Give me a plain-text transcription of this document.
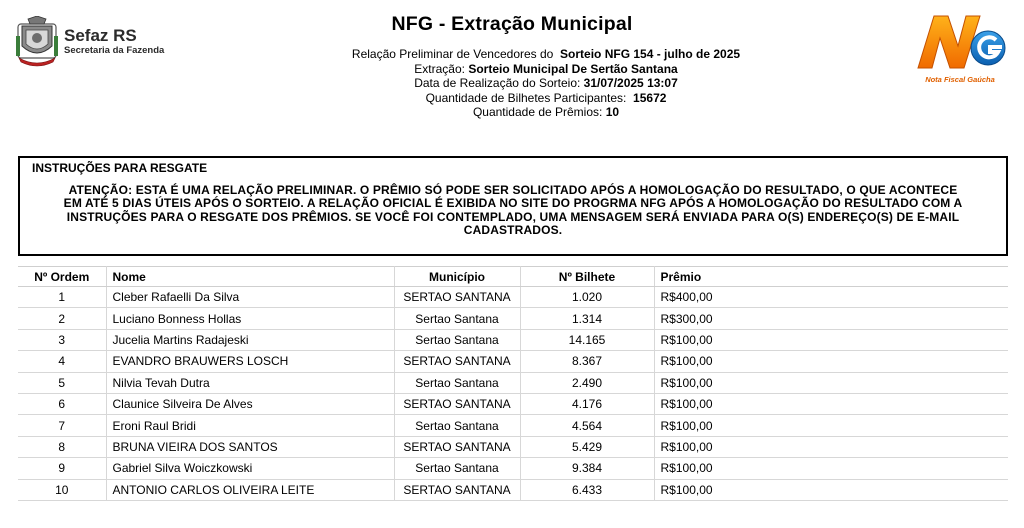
Sefaz RS
Secretaria da Fazenda
Nota Fiscal Gaúcha
NFG - Extração Municipal
Relação Preliminar de Vencedores do Sorteio NFG 154 - julho de 2025
Extração: Sorteio Municipal De Sertão Santana
Data de Realização do Sorteio: 31/07/2025 13:07
Quantidade de Bilhetes Participantes: 15672
Quantidade de Prêmios: 10
INSTRUÇÕES PARA RESGATE
ATENÇÃO: ESTA É UMA RELAÇÃO PRELIMINAR. O PRÊMIO SÓ PODE SER SOLICITADO APÓS A HOMOLOGAÇÃO DO RESULTADO, O QUE ACONTECE
EM ATÉ 5 DIAS ÚTEIS APÓS O SORTEIO. A RELAÇÃO OFICIAL É EXIBIDA NO SITE DO PROGRMA NFG APÓS A HOMOLOGAÇÃO DO RESULTADO COM A
INSTRUÇÕES PARA O RESGATE DOS PRÊMIOS. SE VOCÊ FOI CONTEMPLADO, UMA MENSAGEM SERÁ ENVIADA PARA O(S) ENDEREÇO(S) DE E-MAIL
CADASTRADOS.
Nº Ordem	Nome	Município	Nº Bilhete	Prêmio
1	Cleber Rafaelli Da Silva	SERTAO SANTANA	1.020	R$400,00
2	Luciano Bonness Hollas	Sertao Santana	1.314	R$300,00
3	Jucelia Martins Radajeski	Sertao Santana	14.165	R$100,00
4	EVANDRO BRAUWERS LOSCH	SERTAO SANTANA	8.367	R$100,00
5	Nilvia Tevah Dutra	Sertao Santana	2.490	R$100,00
6	Claunice Silveira De Alves	SERTAO SANTANA	4.176	R$100,00
7	Eroni Raul Bridi	Sertao Santana	4.564	R$100,00
8	BRUNA VIEIRA DOS SANTOS	SERTAO SANTANA	5.429	R$100,00
9	Gabriel Silva Woiczkowski	Sertao Santana	9.384	R$100,00
10	ANTONIO CARLOS OLIVEIRA LEITE	SERTAO SANTANA	6.433	R$100,00
